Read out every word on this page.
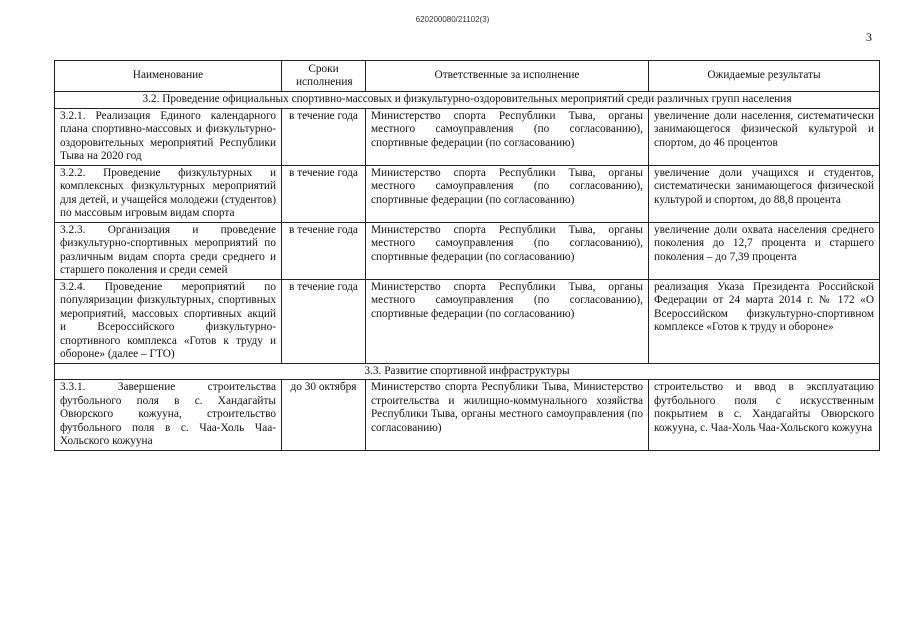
620200080/21102(3)
3
Наименование	Сроки исполнения	Ответственные за исполнение	Ожидаемые результаты
3.2. Проведение официальных спортивно-массовых и физкультурно-оздоровительных мероприятий среди различных групп населения			
3.2.1. Реализация Единого календарного плана спортивно-массовых и физкультурно-оздоровительных мероприятий Республики Тыва на 2020 год	в течение года	Министерство спорта Республики Тыва, органы местного самоуправления (по согласованию), спортивные федерации (по согласованию)	увеличение доли населения, систематически занимающегося физической культурой и спортом, до 46 процентов
3.2.2. Проведение физкультурных и комплексных физкультурных мероприятий для детей, и учащейся молодежи (студентов) по массовым игровым видам спорта	в течение года	Министерство спорта Республики Тыва, органы местного самоуправления (по согласованию), спортивные федерации (по согласованию)	увеличение доли учащихся и студентов, систематически занимающегося физической культурой и спортом, до 88,8 процента
3.2.3. Организация и проведение физкультурно-спортивных мероприятий по различным видам спорта среди среднего и старшего поколения и среди семей	в течение года	Министерство спорта Республики Тыва, органы местного самоуправления (по согласованию), спортивные федерации (по согласованию)	увеличение доли охвата населения среднего поколения до 12,7 процента и старшего поколения – до 7,39 процента
3.2.4. Проведение мероприятий по популяризации физкультурных, спортивных мероприятий, массовых спортивных акций и Всероссийского физкультурно-спортивного комплекса «Готов к труду и обороне» (далее – ГТО)	в течение года	Министерство спорта Республики Тыва, органы местного самоуправления (по согласованию), спортивные федерации (по согласованию)	реализация Указа Президента Российской Федерации от 24 марта 2014 г. № 172 «О Всероссийском физкультурно-спортивном комплексе «Готов к труду и обороне»
3.3. Развитие спортивной инфраструктуры			
3.3.1. Завершение строительства футбольного поля в с. Хандагайты Овюрского кожууна, строительство футбольного поля в с. Чаа-Холь Чаа-Хольского кожууна	до 30 октября	Министерство спорта Республики Тыва, Министерство строительства и жилищно-коммунального хозяйства Республики Тыва, органы местного самоуправления (по согласованию)	строительство и ввод в эксплуатацию футбольного поля с искусственным покрытием в с. Хандагайты Овюрского кожууна, с. Чаа-Холь Чаа-Хольского кожууна
